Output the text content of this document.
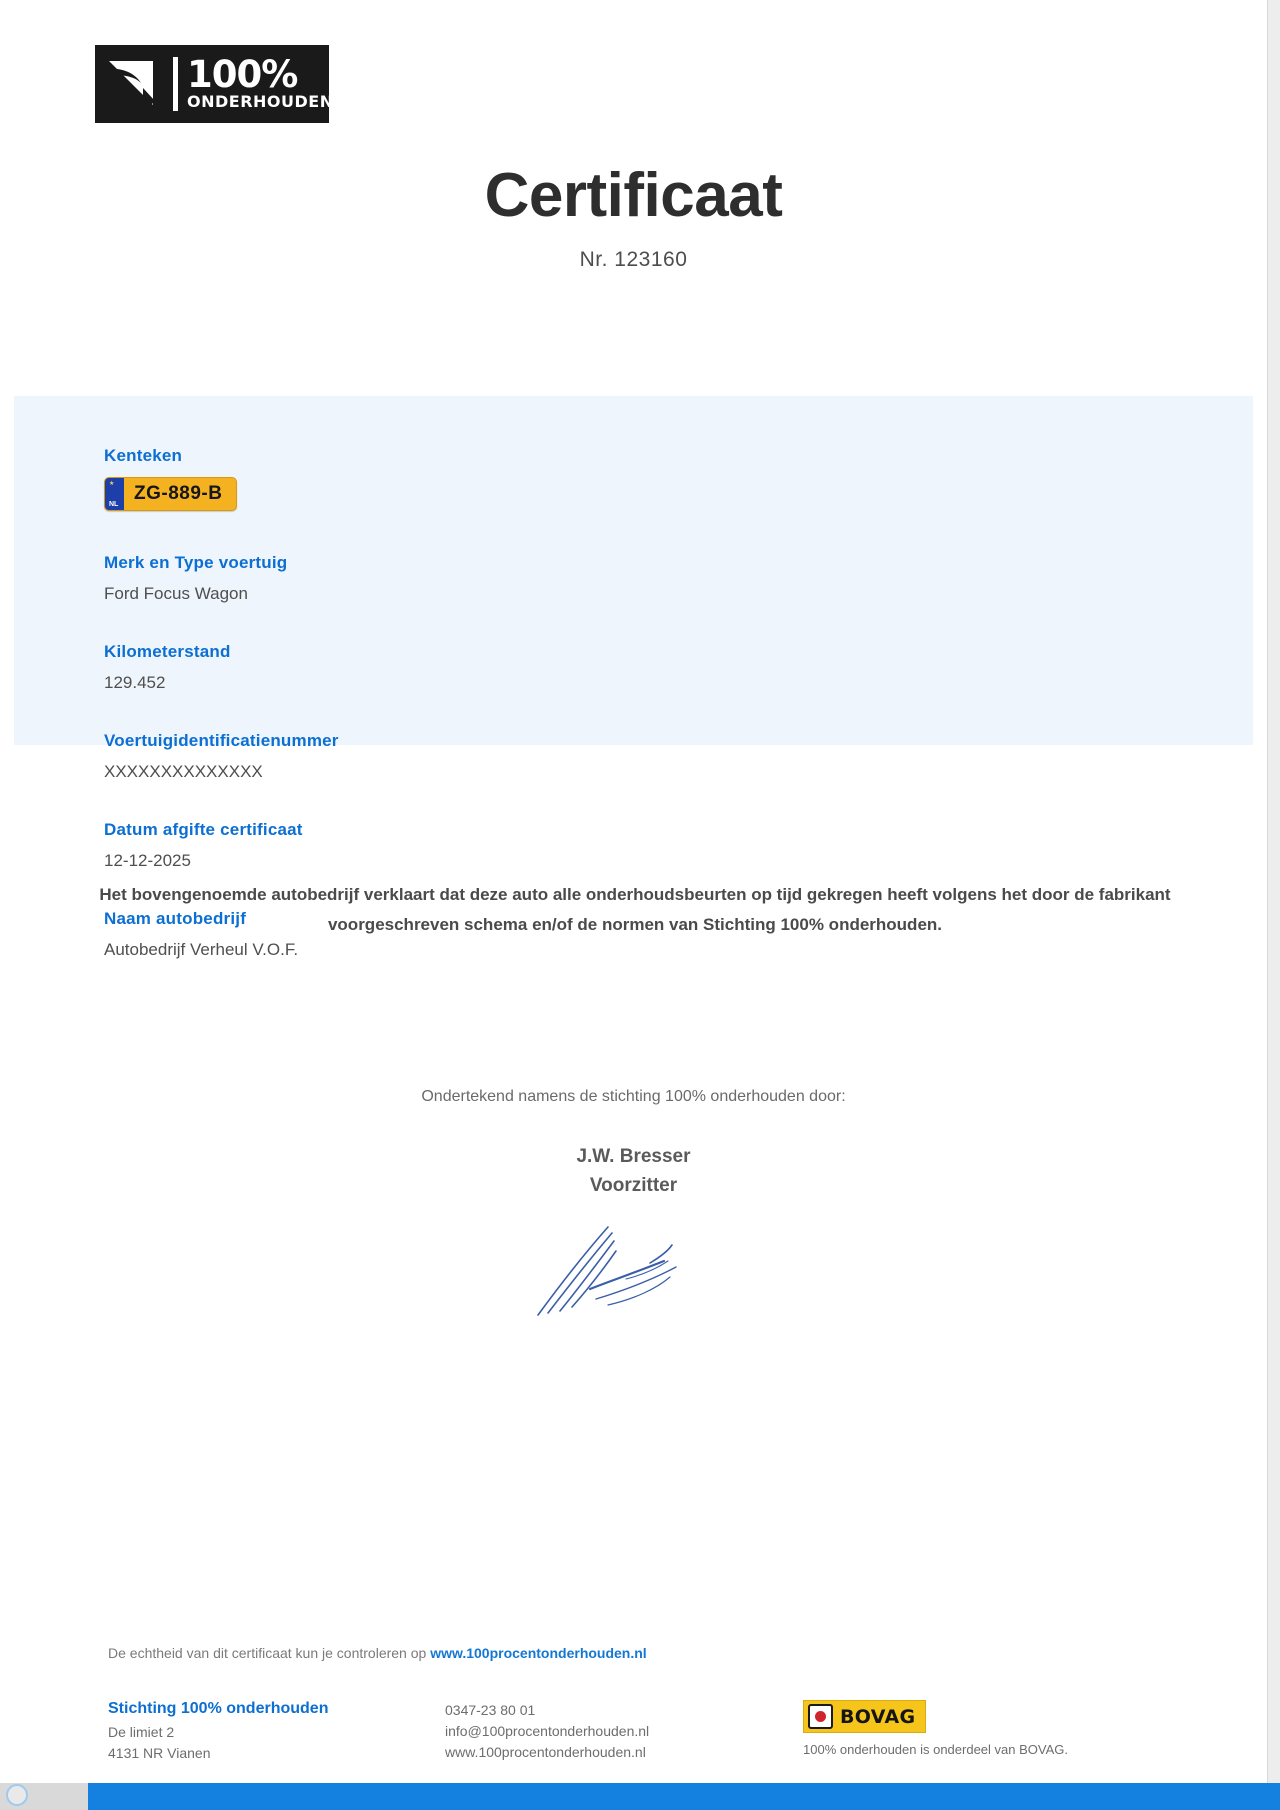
100%
ONDERHOUDEN
Certificaat
Nr. 123160
Kenteken
★
NL
ZG-889-B
Merk en Type voertuig
Ford Focus Wagon
Kilometerstand
129.452

Voertuigidentificatienummer
XXXXXXXXXXXXXX
Datum afgifte certificaat
12-12-2025
Naam autobedrijf
Autobedrijf Verheul V.O.F.
Het bovengenoemde autobedrijf verklaart dat deze auto alle onderhoudsbeurten op tijd gekregen heeft volgens het door de fabrikant voorgeschreven schema en/of de normen van Stichting 100% onderhouden.
Ondertekend namens de stichting 100% onderhouden door:
J.W. Bresser
Voorzitter
De echtheid van dit certificaat kun je controleren op www.100procentonderhouden.nl
Stichting 100% onderhouden
De limiet 2
4131 NR Vianen
0347-23 80 01
info@100procentonderhouden.nl
www.100procentonderhouden.nl
BOVAG
100% onderhouden is onderdeel van BOVAG.
